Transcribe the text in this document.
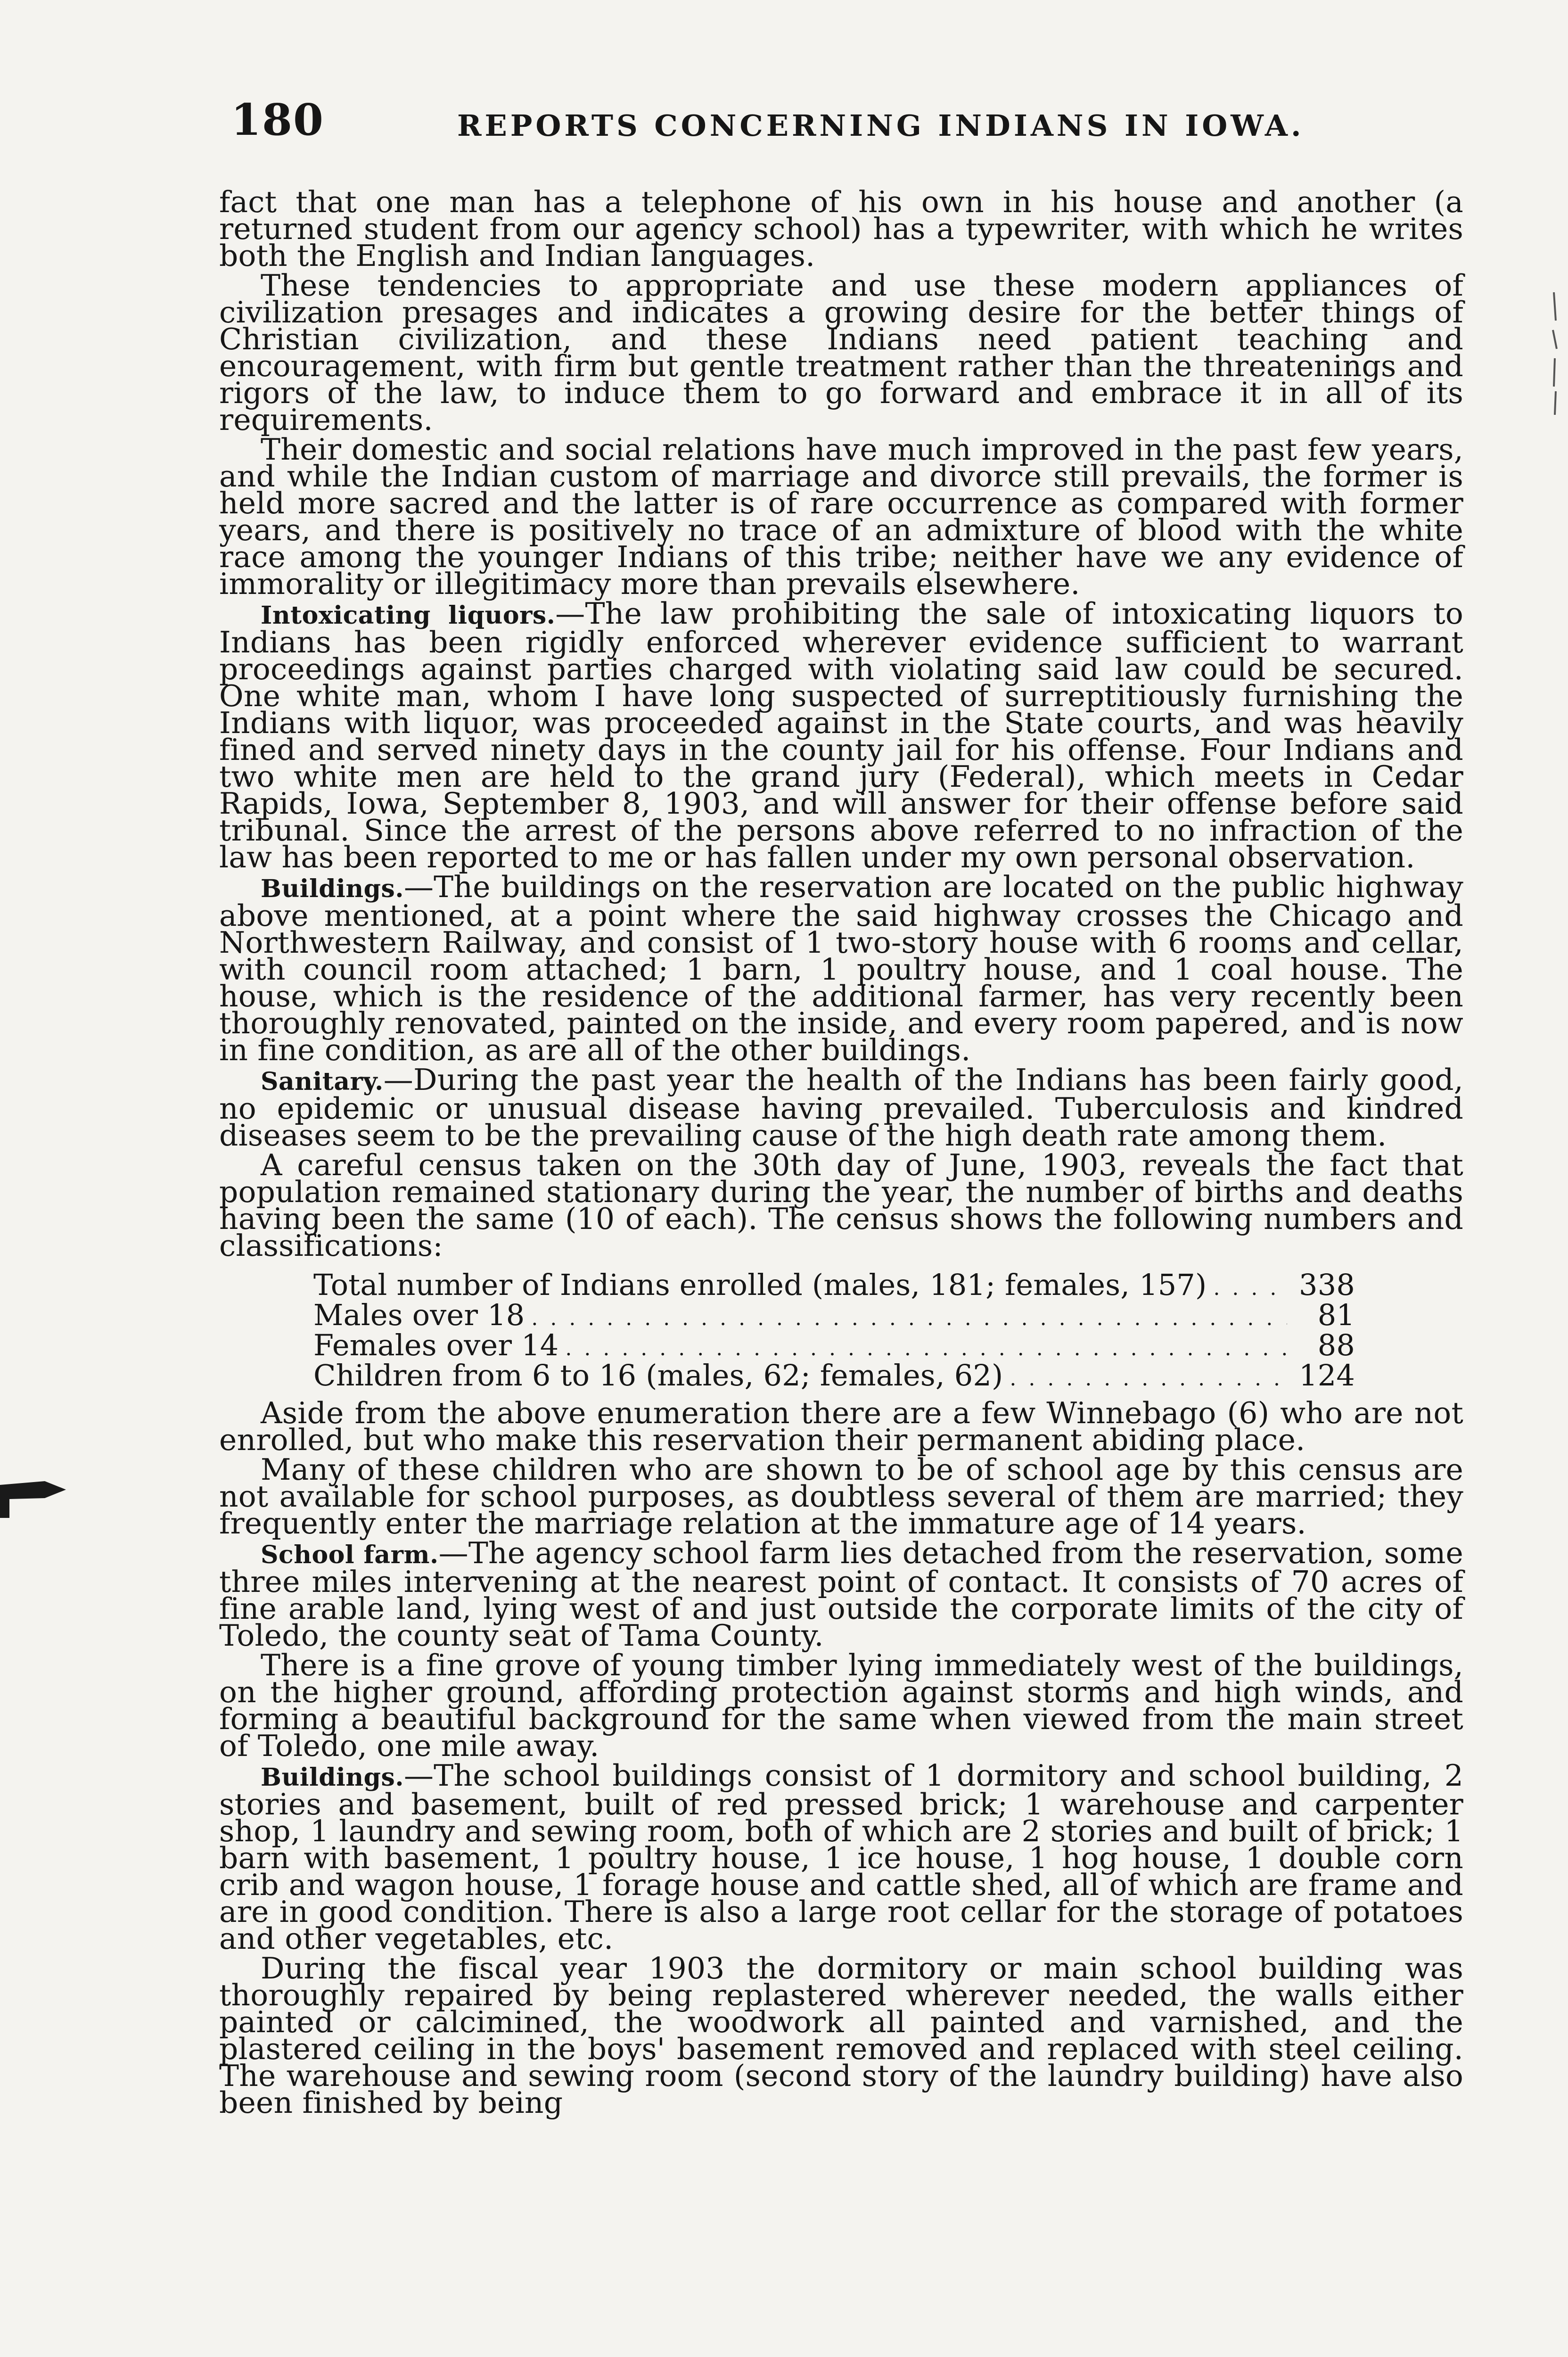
180	REPORTS CONCERNING INDIANS IN IOWA.

fact that one man has a telephone of his own in his house and another (a returned student from our agency school) has a typewriter, with which he writes both the English and Indian languages.

These tendencies to appropriate and use these modern appliances of civilization presages and indicates a growing desire for the better things of Christian civilization, and these Indians need patient teaching and encouragement, with firm but gentle treatment rather than the threatenings and rigors of the law, to induce them to go forward and embrace it in all of its requirements.

Their domestic and social relations have much improved in the past few years, and while the Indian custom of marriage and divorce still prevails, the former is held more sacred and the latter is of rare occurrence as compared with former years, and there is positively no trace of an admixture of blood with the white race among the younger Indians of this tribe; neither have we any evidence of immorality or illegitimacy more than prevails elsewhere.

Intoxicating liquors.—The law prohibiting the sale of intoxicating liquors to Indians has been rigidly enforced wherever evidence sufficient to warrant proceedings against parties charged with violating said law could be secured. One white man, whom I have long suspected of surreptitiously furnishing the Indians with liquor, was proceeded against in the State courts, and was heavily fined and served ninety days in the county jail for his offense. Four Indians and two white men are held to the grand jury (Federal), which meets in Cedar Rapids, Iowa, September 8, 1903, and will answer for their offense before said tribunal. Since the arrest of the persons above referred to no infraction of the law has been reported to me or has fallen under my own personal observation.

Buildings.—The buildings on the reservation are located on the public highway above mentioned, at a point where the said highway crosses the Chicago and Northwestern Railway, and consist of 1 two-story house with 6 rooms and cellar, with council room attached; 1 barn, 1 poultry house, and 1 coal house. The house, which is the residence of the additional farmer, has very recently been thoroughly renovated, painted on the inside, and every room papered, and is now in fine condition, as are all of the other buildings.

Sanitary.—During the past year the health of the Indians has been fairly good, no epidemic or unusual disease having prevailed. Tuberculosis and kindred diseases seem to be the prevailing cause of the high death rate among them.

A careful census taken on the 30th day of June, 1903, reveals the fact that population remained stationary during the year, the number of births and deaths having been the same (10 of each). The census shows the following numbers and classifications:

Total number of Indians enrolled (males, 181; females, 157) . . .	338
Males over 18 . . .	81
Females over 14 . . .	88
Children from 6 to 16 (males, 62; females, 62) . . .	124

Aside from the above enumeration there are a few Winnebago (6) who are not enrolled, but who make this reservation their permanent abiding place.

Many of these children who are shown to be of school age by this census are not available for school purposes, as doubtless several of them are married; they frequently enter the marriage relation at the immature age of 14 years.

School farm.—The agency school farm lies detached from the reservation, some three miles intervening at the nearest point of contact. It consists of 70 acres of fine arable land, lying west of and just outside the corporate limits of the city of Toledo, the county seat of Tama County.

There is a fine grove of young timber lying immediately west of the buildings, on the higher ground, affording protection against storms and high winds, and forming a beautiful background for the same when viewed from the main street of Toledo, one mile away.

Buildings.—The school buildings consist of 1 dormitory and school building, 2 stories and basement, built of red pressed brick; 1 warehouse and carpenter shop, 1 laundry and sewing room, both of which are 2 stories and built of brick; 1 barn with basement, 1 poultry house, 1 ice house, 1 hog house, 1 double corn crib and wagon house, 1 forage house and cattle shed, all of which are frame and are in good condition. There is also a large root cellar for the storage of potatoes and other vegetables, etc.

During the fiscal year 1903 the dormitory or main school building was thoroughly repaired by being replastered wherever needed, the walls either painted or calcimined, the woodwork all painted and varnished, and the plastered ceiling in the boys' basement removed and replaced with steel ceiling. The warehouse and sewing room (second story of the laundry building) have also been finished by being
